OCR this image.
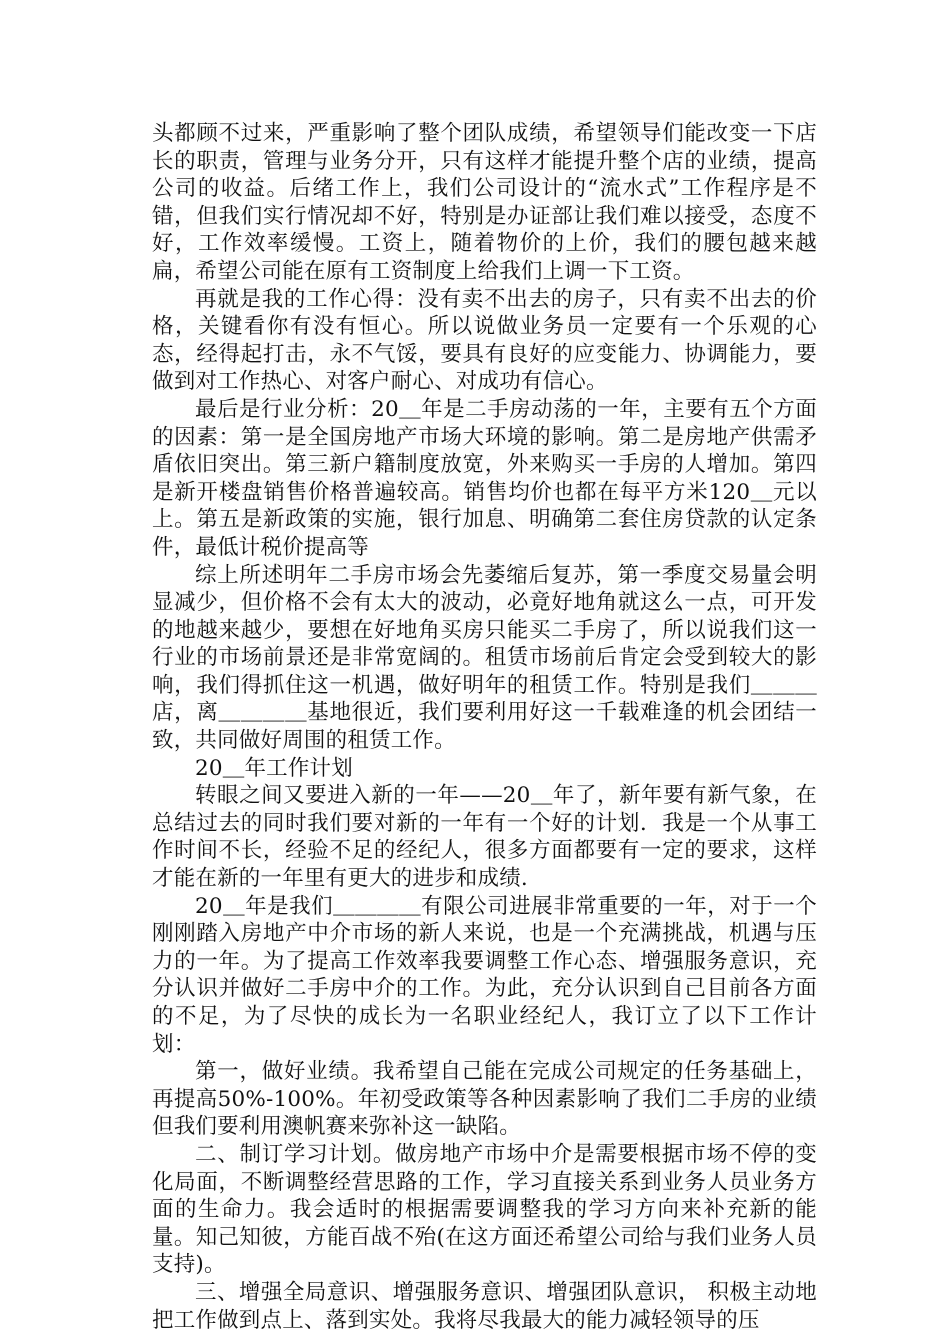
头都顾不过来，严重影响了整个团队成绩，希望领导们能改变一下店长的职责，管理与业务分开，只有这样才能提升整个店的业绩，提高公司的收益。后绪工作上，我们公司设计的“流水式”工作程序是不错，但我们实行情况却不好，特别是办证部让我们难以接受，态度不好，工作效率缓慢。工资上，随着物价的上价，我们的腰包越来越扁，希望公司能在原有工资制度上给我们上调一下工资。

再就是我的工作心得：没有卖不出去的房子，只有卖不出去的价格，关键看你有没有恒心。所以说做业务员一定要有一个乐观的心态，经得起打击，永不气馁，要具有良好的应变能力、协调能力，要做到对工作热心、对客户耐心、对成功有信心。

最后是行业分析：20＿年是二手房动荡的一年，主要有五个方面的因素：第一是全国房地产市场大环境的影响。第二是房地产供需矛盾依旧突出。第三新户籍制度放宽，外来购买一手房的人增加。第四是新开楼盘销售价格普遍较高。销售均价也都在每平方米120＿元以上。第五是新政策的实施，银行加息、明确第二套住房贷款的认定条件，最低计税价提高等

综上所述明年二手房市场会先萎缩后复苏，第一季度交易量会明显减少，但价格不会有太大的波动，必竟好地角就这么一点，可开发的地越来越少，要想在好地角买房只能买二手房了，所以说我们这一行业的市场前景还是非常宽阔的。租赁市场前后肯定会受到较大的影响，我们得抓住这一机遇，做好明年的租赁工作。特别是我们＿＿＿店，离＿＿＿＿基地很近，我们要利用好这一千载难逢的机会团结一致，共同做好周围的租赁工作。

20＿年工作计划

转眼之间又要进入新的一年——20＿年了，新年要有新气象，在总结过去的同时我们要对新的一年有一个好的计划．我是一个从事工作时间不长，经验不足的经纪人，很多方面都要有一定的要求，这样才能在新的一年里有更大的进步和成绩.

20＿年是我们＿＿＿＿有限公司进展非常重要的一年，对于一个刚刚踏入房地产中介市场的新人来说，也是一个充满挑战，机遇与压力的一年。为了提高工作效率我要调整工作心态、增强服务意识，充分认识并做好二手房中介的工作。为此，充分认识到自己目前各方面的不足，为了尽快的成长为一名职业经纪人，我订立了以下工作计划：

第一，做好业绩。我希望自己能在完成公司规定的任务基础上，再提高50%-100%。年初受政策等各种因素影响了我们二手房的业绩但我们要利用澳帆赛来弥补这一缺陷。

二、制订学习计划。做房地产市场中介是需要根据市场不停的变化局面，不断调整经营思路的工作，学习直接关系到业务人员业务方面的生命力。我会适时的根据需要调整我的学习方向来补充新的能量。知己知彼，方能百战不殆(在这方面还希望公司给与我们业务人员支持)。

三、增强全局意识、增强服务意识、增强团队意识， 积极主动地把工作做到点上、落到实处。我将尽我最大的能力减轻领导的压
